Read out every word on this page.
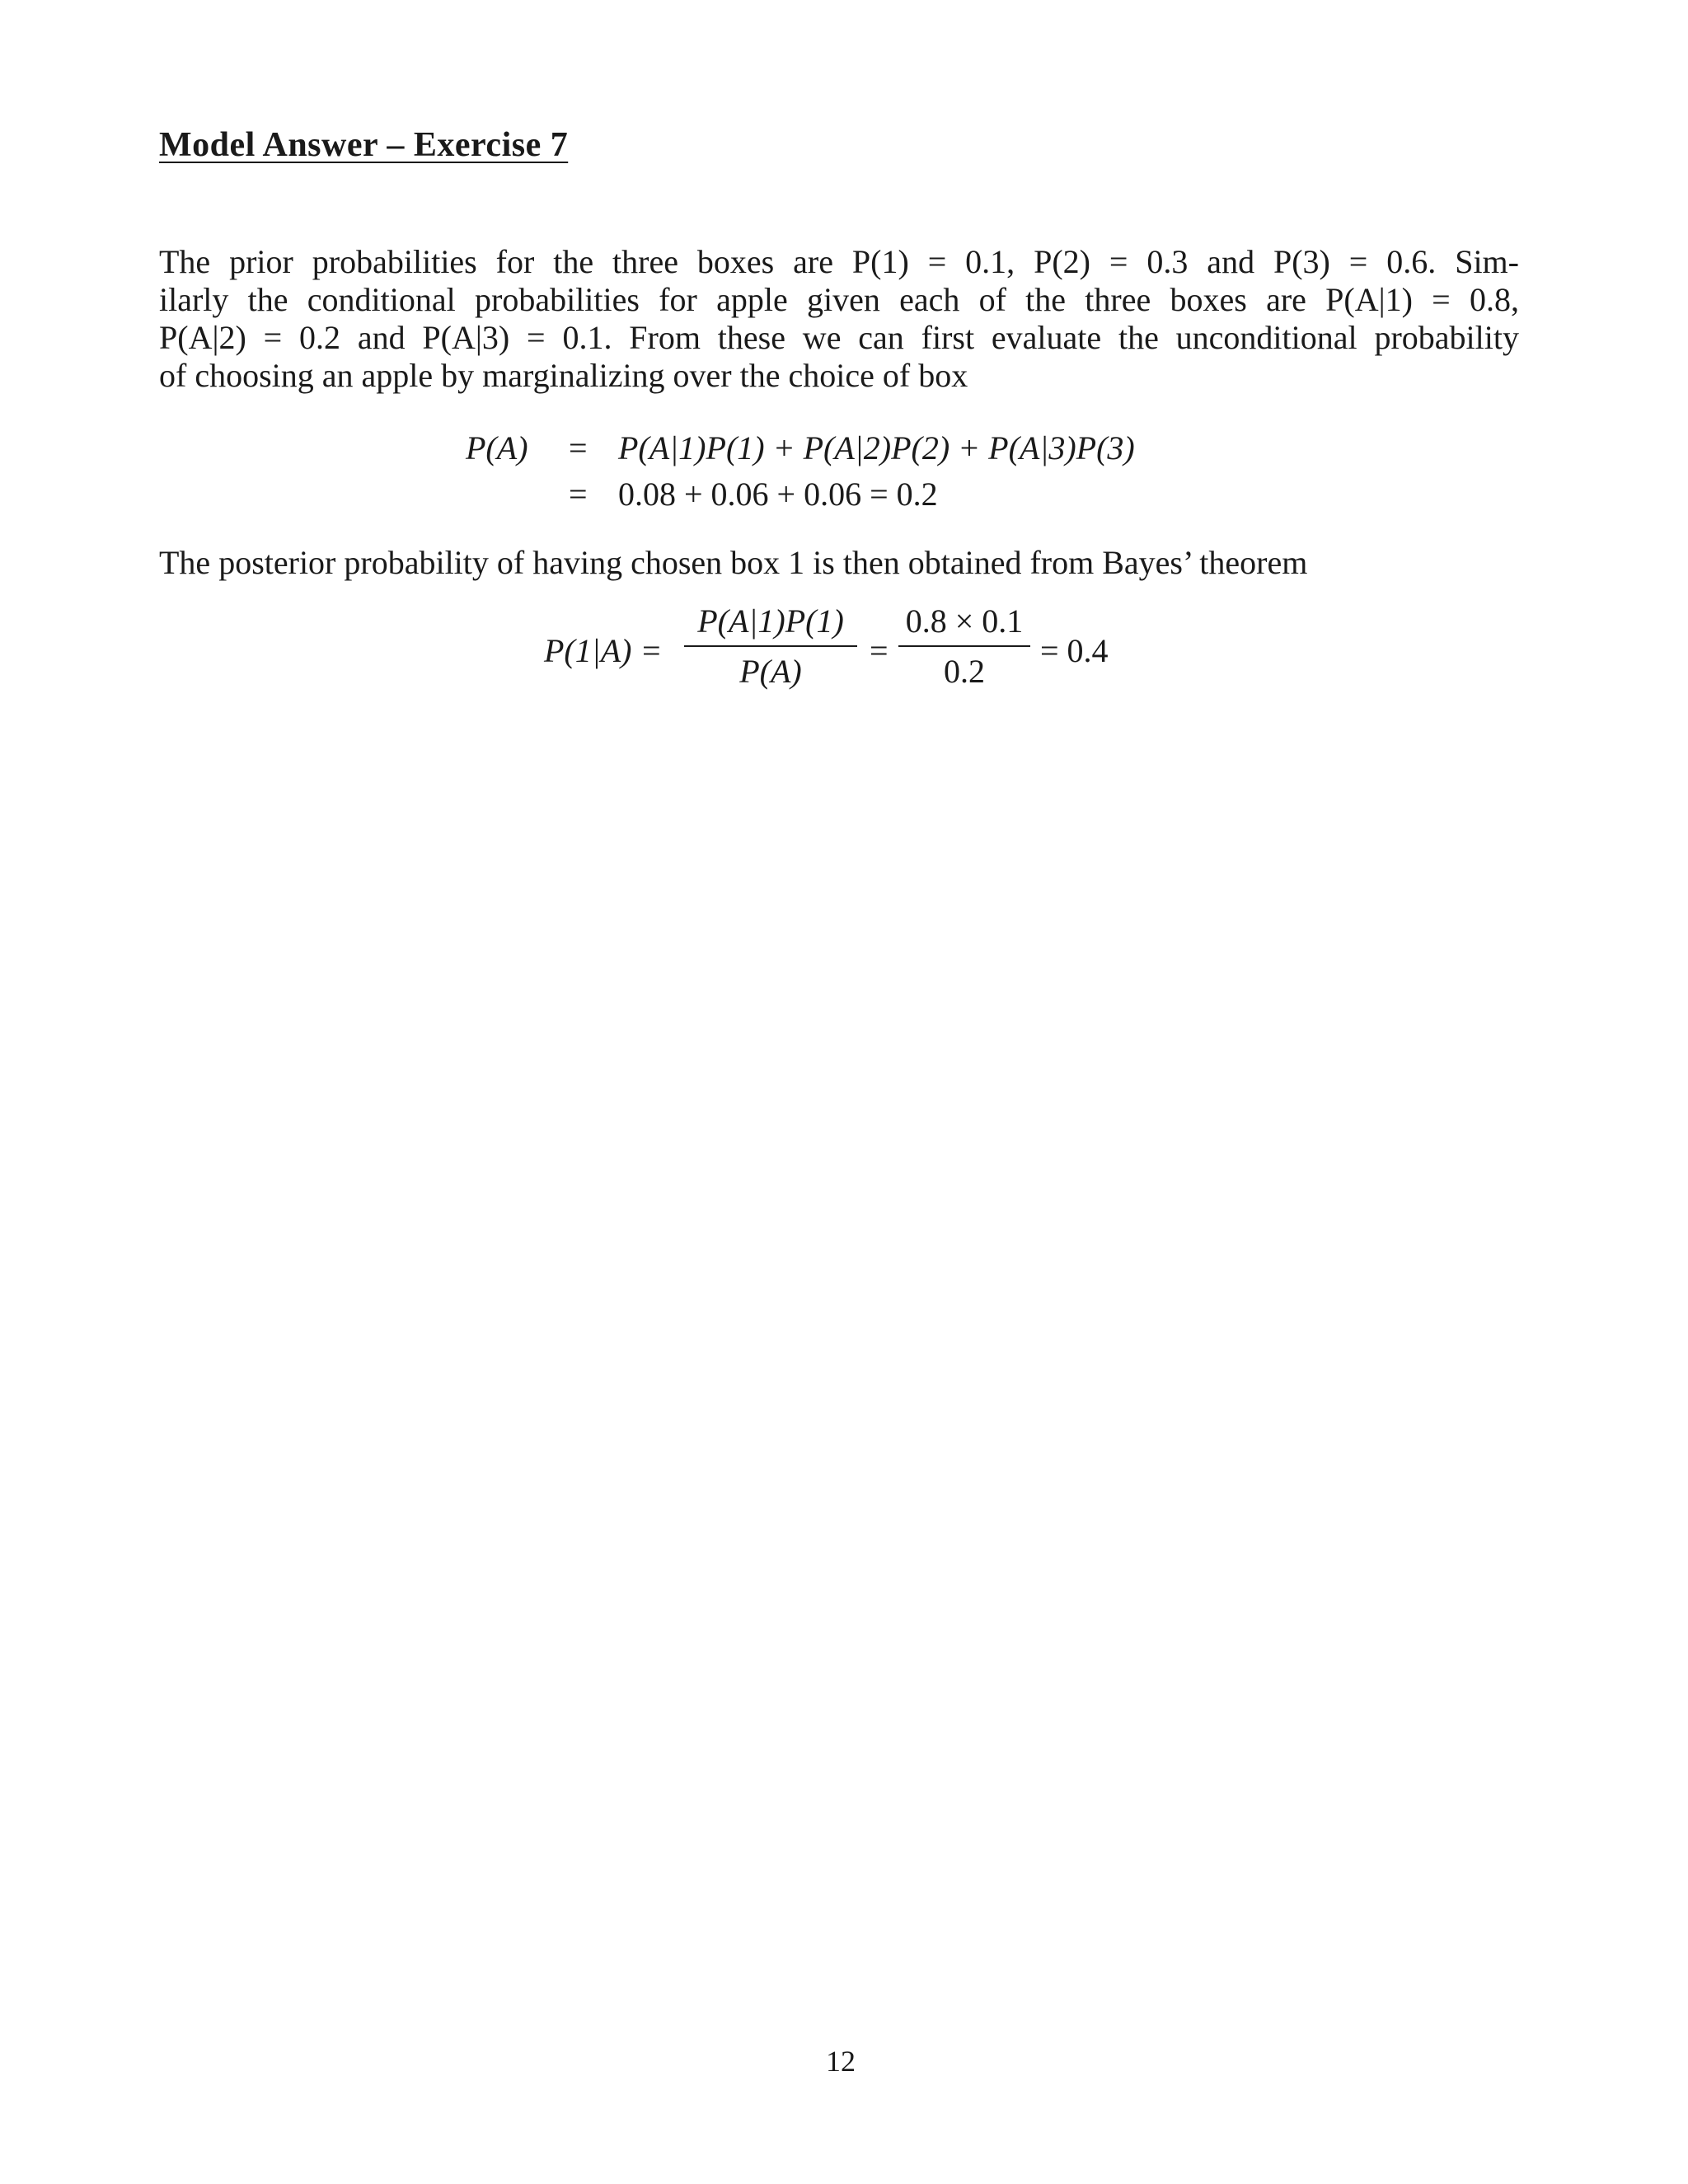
Model Answer – Exercise 7
The prior probabilities for the three boxes are P(1) = 0.1, P(2) = 0.3 and P(3) = 0.6. Sim-
ilarly the conditional probabilities for apple given each of the three boxes are P(A|1) = 0.8,
P(A|2) = 0.2 and P(A|3) = 0.1. From these we can first evaluate the unconditional probability
of choosing an apple by marginalizing over the choice of box
P(A) = P(A|1)P(1) + P(A|2)P(2) + P(A|3)P(3)
= 0.08 + 0.06 + 0.06 = 0.2
The posterior probability of having chosen box 1 is then obtained from Bayes’ theorem
P(1|A) =
P(A|1)P(1)
P(A)
=
0.8 × 0.1
0.2
= 0.4
12
